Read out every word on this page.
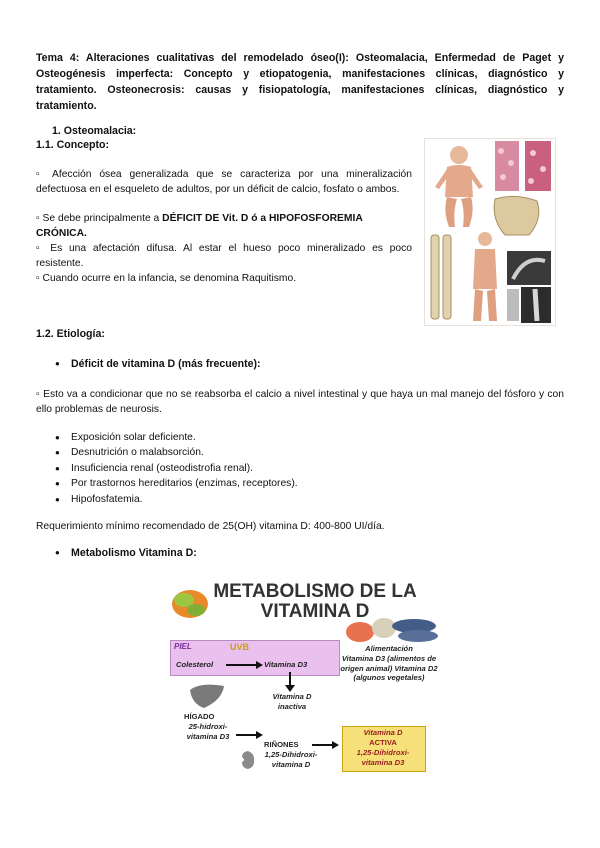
Tema 4: Alteraciones cualitativas del remodelado óseo(I): Osteomalacia, Enfermedad de Paget y Osteogénesis imperfecta: Concepto y etiopatogenia, manifestaciones clínicas, diagnóstico y tratamiento. Osteonecrosis: causas y fisiopatología, manifestaciones clínicas, diagnóstico y tratamiento.
1. Osteomalacia:
1.1. Concepto:
▫ Afección ósea generalizada que se caracteriza por una mineralización defectuosa en el esqueleto de adultos, por un déficit de calcio, fosfato o ambos.
▫ Se debe principalmente a DÉFICIT DE Vit. D ó a HIPOFOSFOREMIA CRÓNICA.
▫ Es una afectación difusa. Al estar el hueso poco mineralizado es poco resistente.
▫ Cuando ocurre en la infancia, se denomina Raquitismo.
1.2. Etiología:
● Déficit de vitamina D (más frecuente):
▫ Esto va a condicionar que no se reabsorba el calcio a nivel intestinal y que haya un mal manejo del fósforo y con ello problemas de neurosis.
● Exposición solar deficiente.
● Desnutrición o malabsorción.
● Insuficiencia renal (osteodistrofia renal).
● Por trastornos hereditarios (enzimas, receptores).
● Hipofosfatemia.
Requerimiento mínimo recomendado de 25(OH) vitamina D: 400-800 UI/día.
● Metabolismo Vitamina D:
METABOLISMO DE LA
VITAMINA D
PIEL	UVB
Colesterol	Vitamina D3
Alimentación
Vitamina D3 (alimentos de origen animal) Vitamina D2 (algunos vegetales)
Vitamina D inactiva
HÍGADO
25-hidroxi-vitamina D3
RIÑONES
1,25-Dihidroxi-vitamina D
Vitamina D
ACTIVA
1,25-Dihidroxi-vitamina D3
